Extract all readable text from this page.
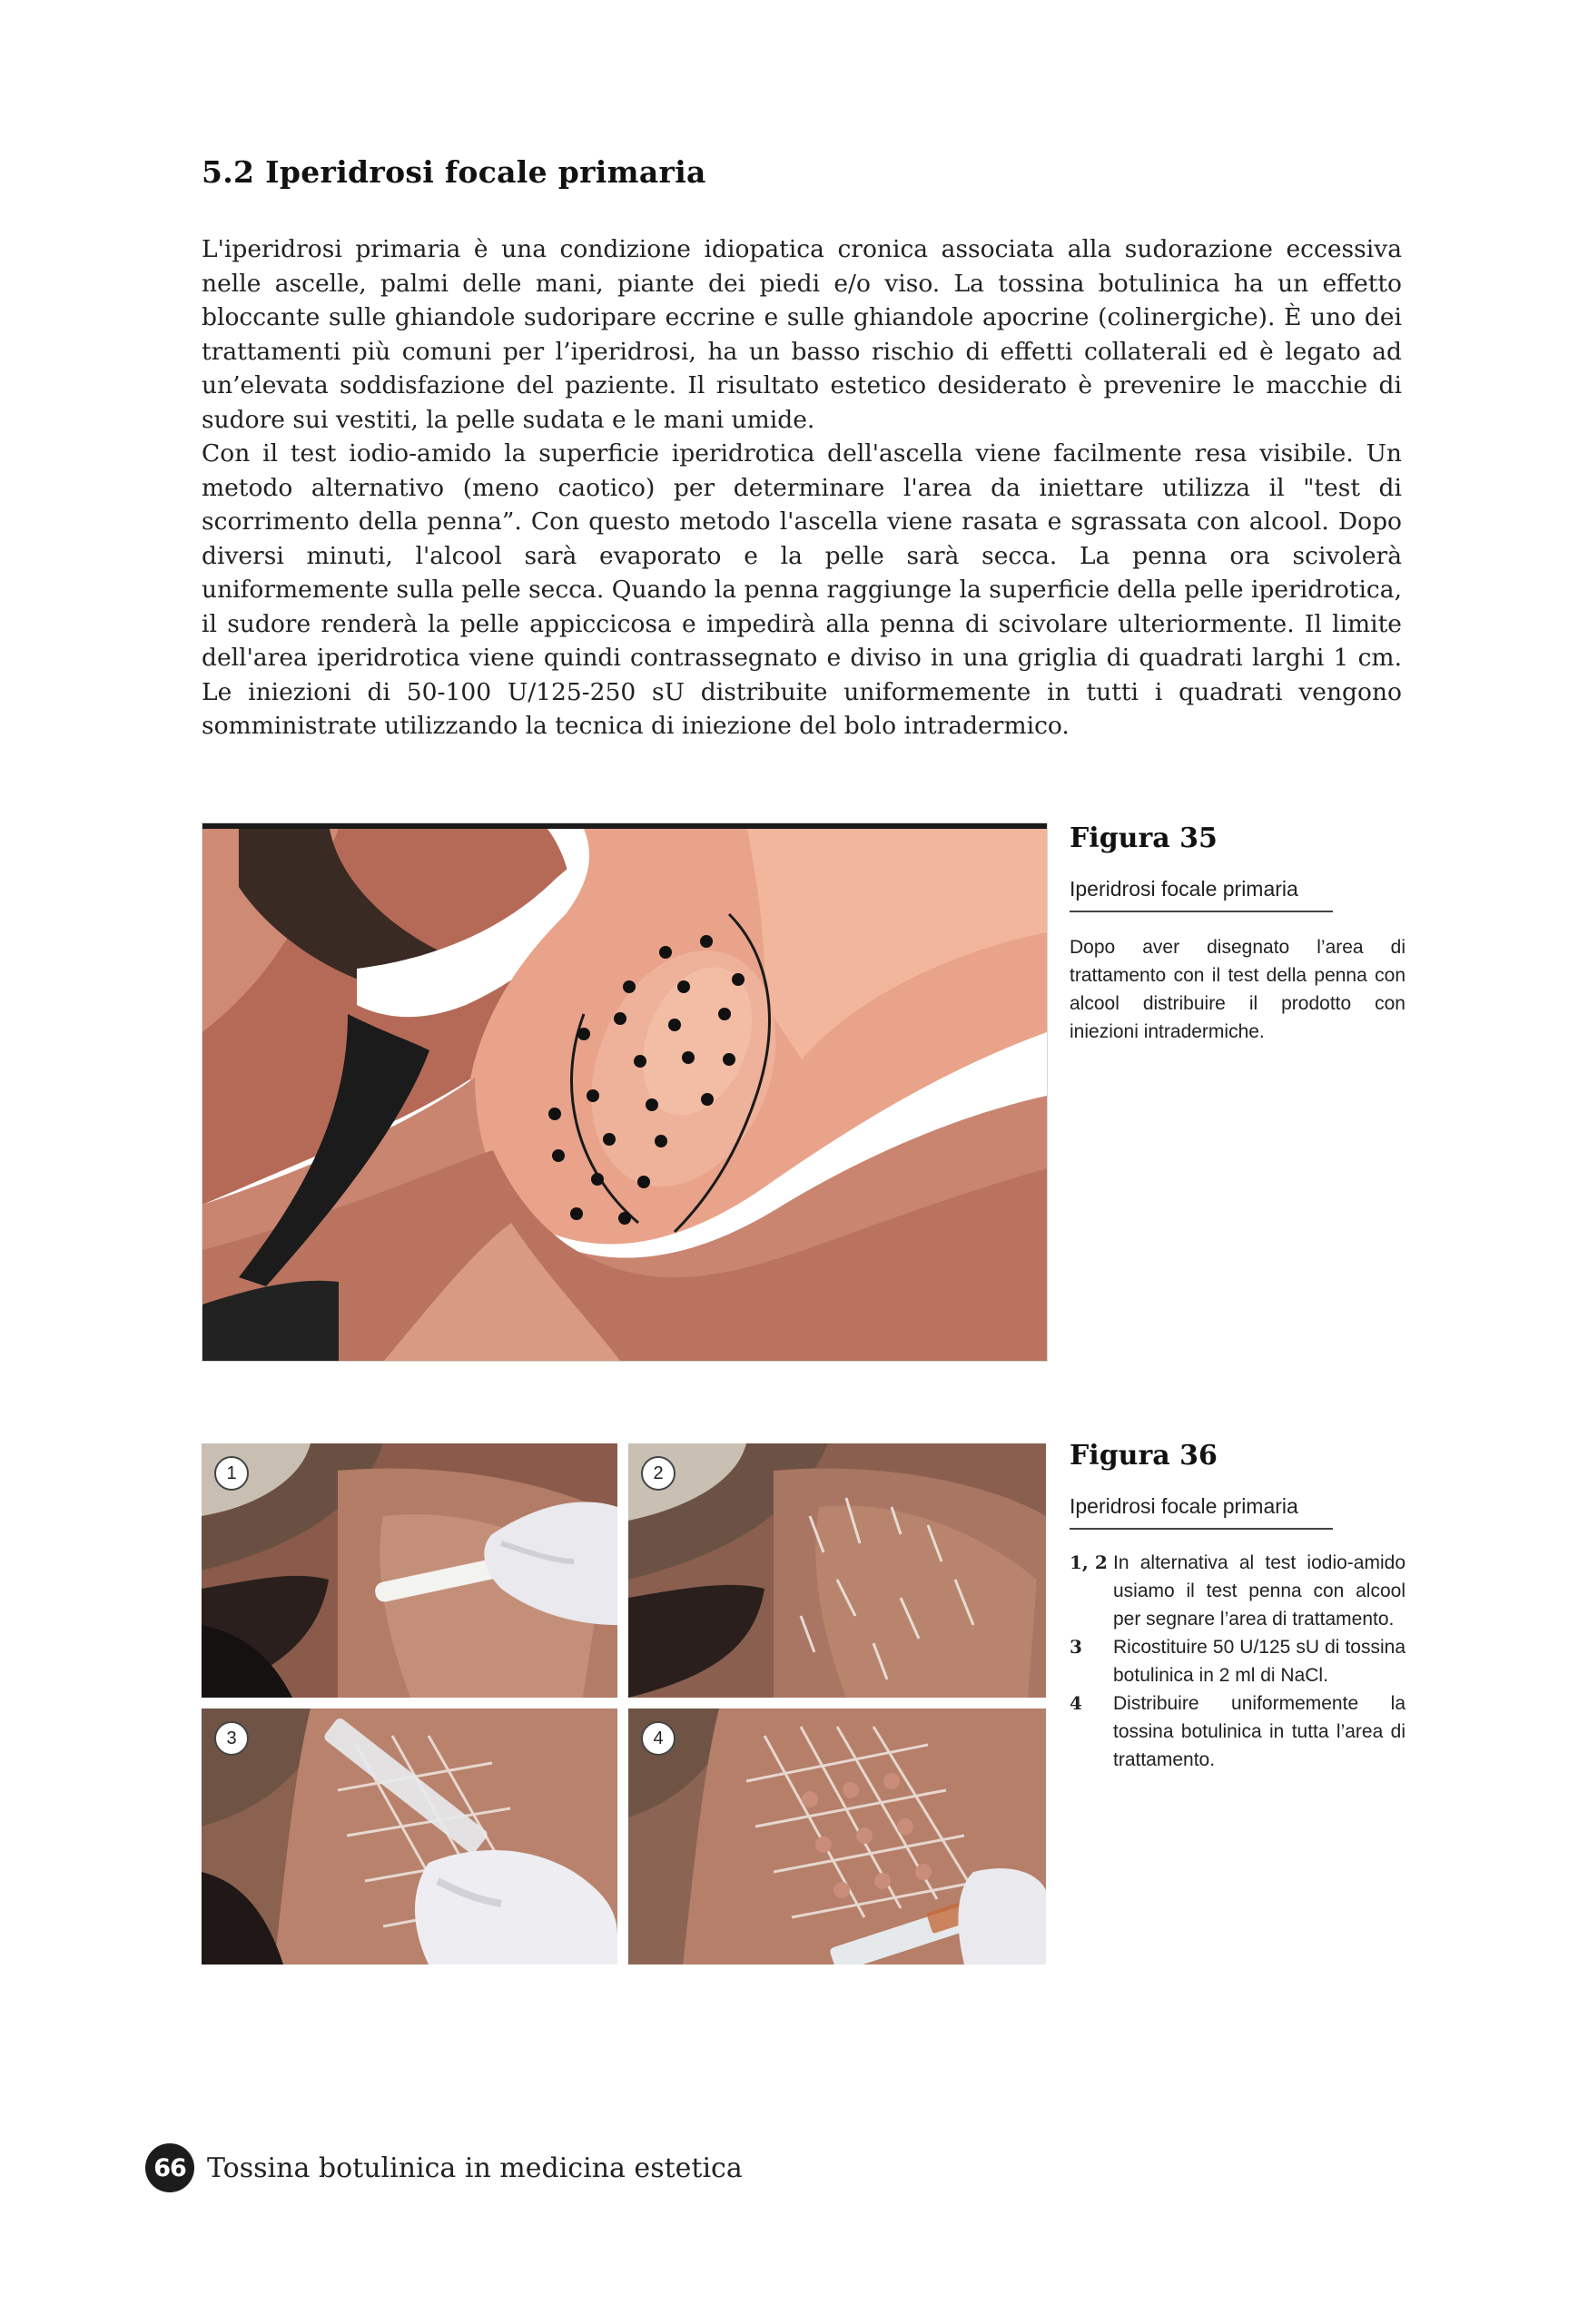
5.2 Iperidrosi focale primaria

L'iperidrosi primaria è una condizione idiopatica cronica associata alla sudorazione eccessiva nelle ascelle, palmi delle mani, piante dei piedi e/o viso. La tossina botulinica ha un effetto bloccante sulle ghiandole sudoripare eccrine e sulle ghiandole apocrine (colinergiche). È uno dei trattamenti più comuni per l’iperidrosi, ha un basso rischio di effetti collaterali ed è legato ad un’elevata soddisfazione del paziente. Il risultato estetico desiderato è prevenire le macchie di sudore sui vestiti, la pelle sudata e le mani umide.

Con il test iodio-amido la superficie iperidrotica dell'ascella viene facilmente resa visibile. Un metodo alternativo (meno caotico) per determinare l'area da iniettare utilizza il "test di scorrimento della penna”. Con questo metodo l'ascella viene rasata e sgrassata con alcool. Dopo diversi minuti, l'alcool sarà evaporato e la pelle sarà secca. La penna ora scivolerà uniformemente sulla pelle secca. Quando la penna raggiunge la superficie della pelle iperidrotica, il sudore renderà la pelle appiccicosa e impedirà alla penna di scivolare ulteriormente. Il limite dell'area iperidrotica viene quindi contrassegnato e diviso in una griglia di quadrati larghi 1 cm. Le iniezioni di 50-100 U/125-250 sU distribuite uniformemente in tutti i quadrati vengono somministrate utilizzando la tecnica di iniezione del bolo intradermico.

Figura 35
Iperidrosi focale primaria
Dopo aver disegnato l’area di trattamento con il test della penna con alcool distribuire il prodotto con iniezioni intradermiche.
1	2
3	4
Figura 36
Iperidrosi focale primaria
1, 2 In alternativa al test iodio-amido usiamo il test penna con alcool per segnare l’area di trattamento.
3 Ricostituire 50 U/125 sU di tossina botulinica in 2 ml di NaCl.
4 Distribuire uniformemente la tossina botulinica in tutta l’area di trattamento.
66 Tossina botulinica in medicina estetica
